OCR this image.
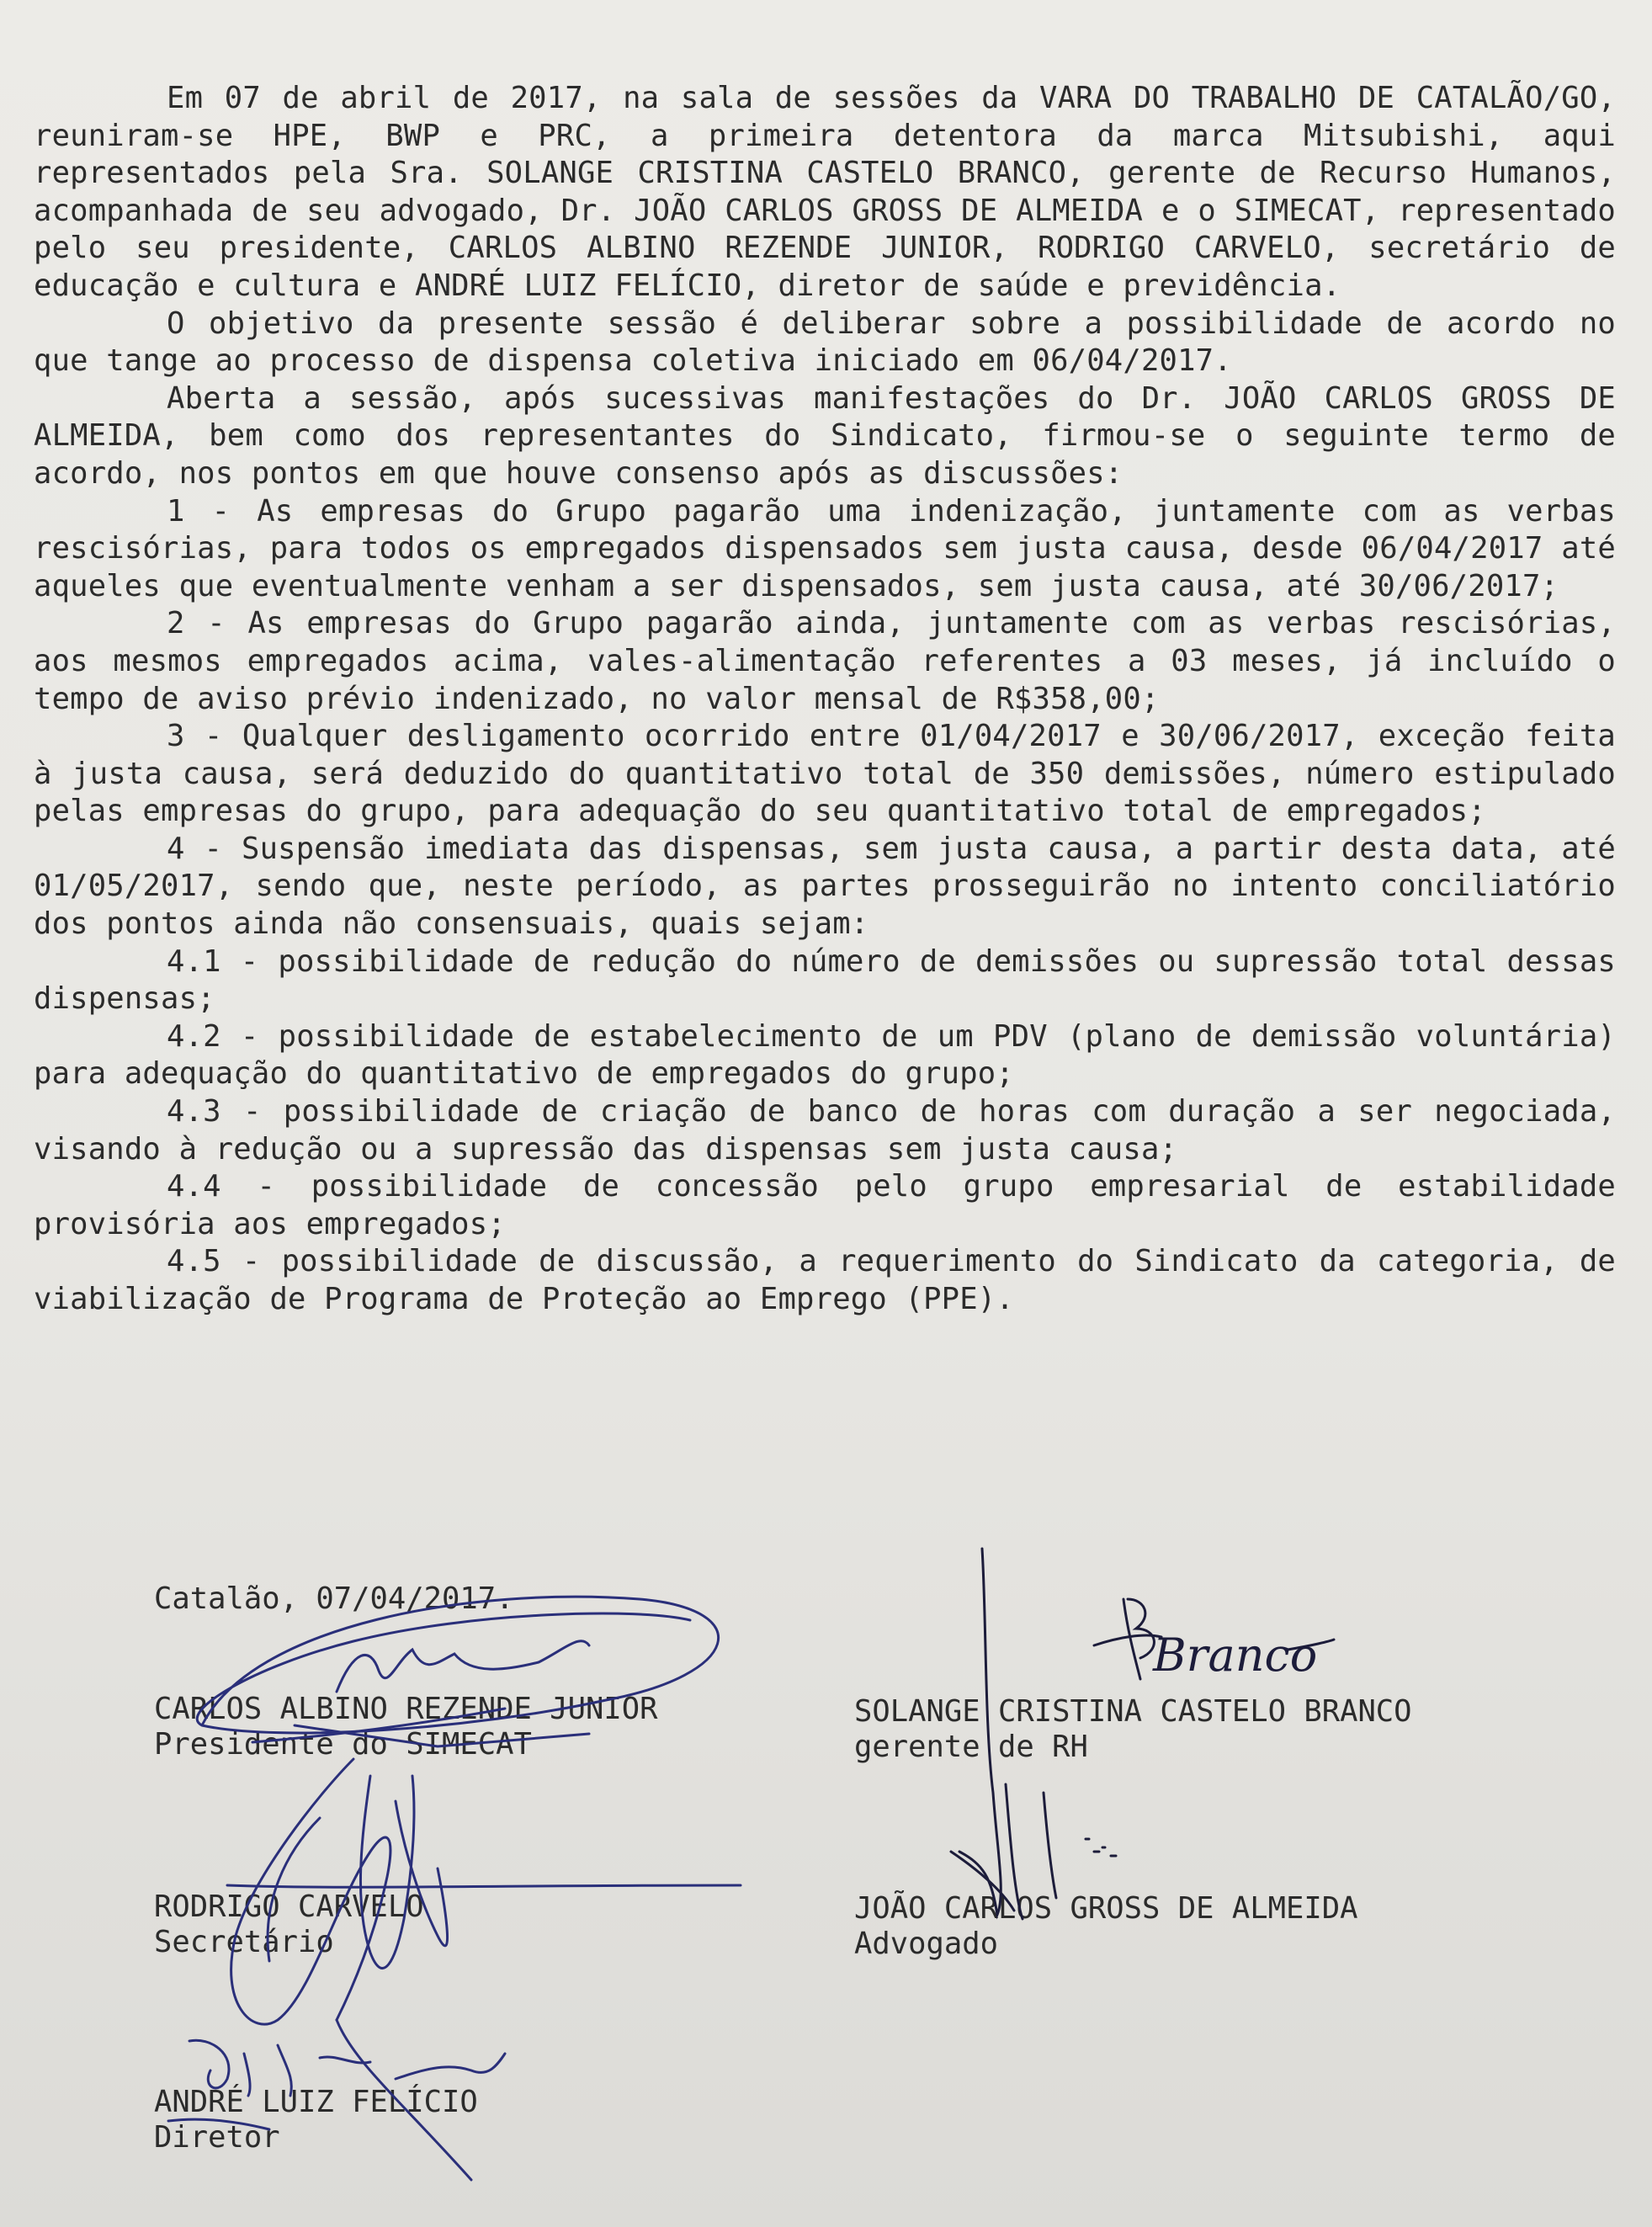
Em 07 de abril de 2017, na sala de sessões da VARA DO TRABALHO DE CATALÃO/GO, reuniram-se HPE, BWP e PRC, a primeira detentora da marca Mitsubishi, aqui representados pela Sra. SOLANGE CRISTINA CASTELO BRANCO, gerente de Recurso Humanos, acompanhada de seu advogado, Dr. JOÃO CARLOS GROSS DE ALMEIDA e o SIMECAT, representado pelo seu presidente, CARLOS ALBINO REZENDE JUNIOR, RODRIGO CARVELO, secretário de educação e cultura e ANDRÉ LUIZ FELÍCIO, diretor de saúde e previdência.

O objetivo da presente sessão é deliberar sobre a possibilidade de acordo no que tange ao processo de dispensa coletiva iniciado em 06/04/2017.

Aberta a sessão, após sucessivas manifestações do Dr. JOÃO CARLOS GROSS DE ALMEIDA, bem como dos representantes do Sindicato, firmou-se o seguinte termo de acordo, nos pontos em que houve consenso após as discussões:

1 - As empresas do Grupo pagarão uma indenização, juntamente com as verbas rescisórias, para todos os empregados dispensados sem justa causa, desde 06/04/2017 até aqueles que eventualmente venham a ser dispensados, sem justa causa, até 30/06/2017;

2 - As empresas do Grupo pagarão ainda, juntamente com as verbas rescisórias, aos mesmos empregados acima, vales-alimentação referentes a 03 meses, já incluído o tempo de aviso prévio indenizado, no valor mensal de R$358,00;

3 - Qualquer desligamento ocorrido entre 01/04/2017 e 30/06/2017, exceção feita à justa causa, será deduzido do quantitativo total de 350 demissões, número estipulado pelas empresas do grupo, para adequação do seu quantitativo total de empregados;

4 - Suspensão imediata das dispensas, sem justa causa, a partir desta data, até 01/05/2017, sendo que, neste período, as partes prosseguirão no intento conciliatório dos pontos ainda não consensuais, quais sejam:

4.1 - possibilidade de redução do número de demissões ou supressão total dessas dispensas;

4.2 - possibilidade de estabelecimento de um PDV (plano de demissão voluntária) para adequação do quantitativo de empregados do grupo;

4.3 - possibilidade de criação de banco de horas com duração a ser negociada, visando à redução ou a supressão das dispensas sem justa causa;

4.4 - possibilidade de concessão pelo grupo empresarial de estabilidade provisória aos empregados;

4.5 - possibilidade de discussão, a requerimento do Sindicato da categoria, de viabilização de Programa de Proteção ao Emprego (PPE).

Catalão, 07/04/2017.
CARLOS ALBINO REZENDE JUNIOR
Presidente do SIMECAT
SOLANGE CRISTINA CASTELO BRANCO
gerente de RH
RODRIGO CARVELO
Secretário
JOÃO CARLOS GROSS DE ALMEIDA
Advogado
ANDRÉ LUIZ FELÍCIO
Diretor
Branco
